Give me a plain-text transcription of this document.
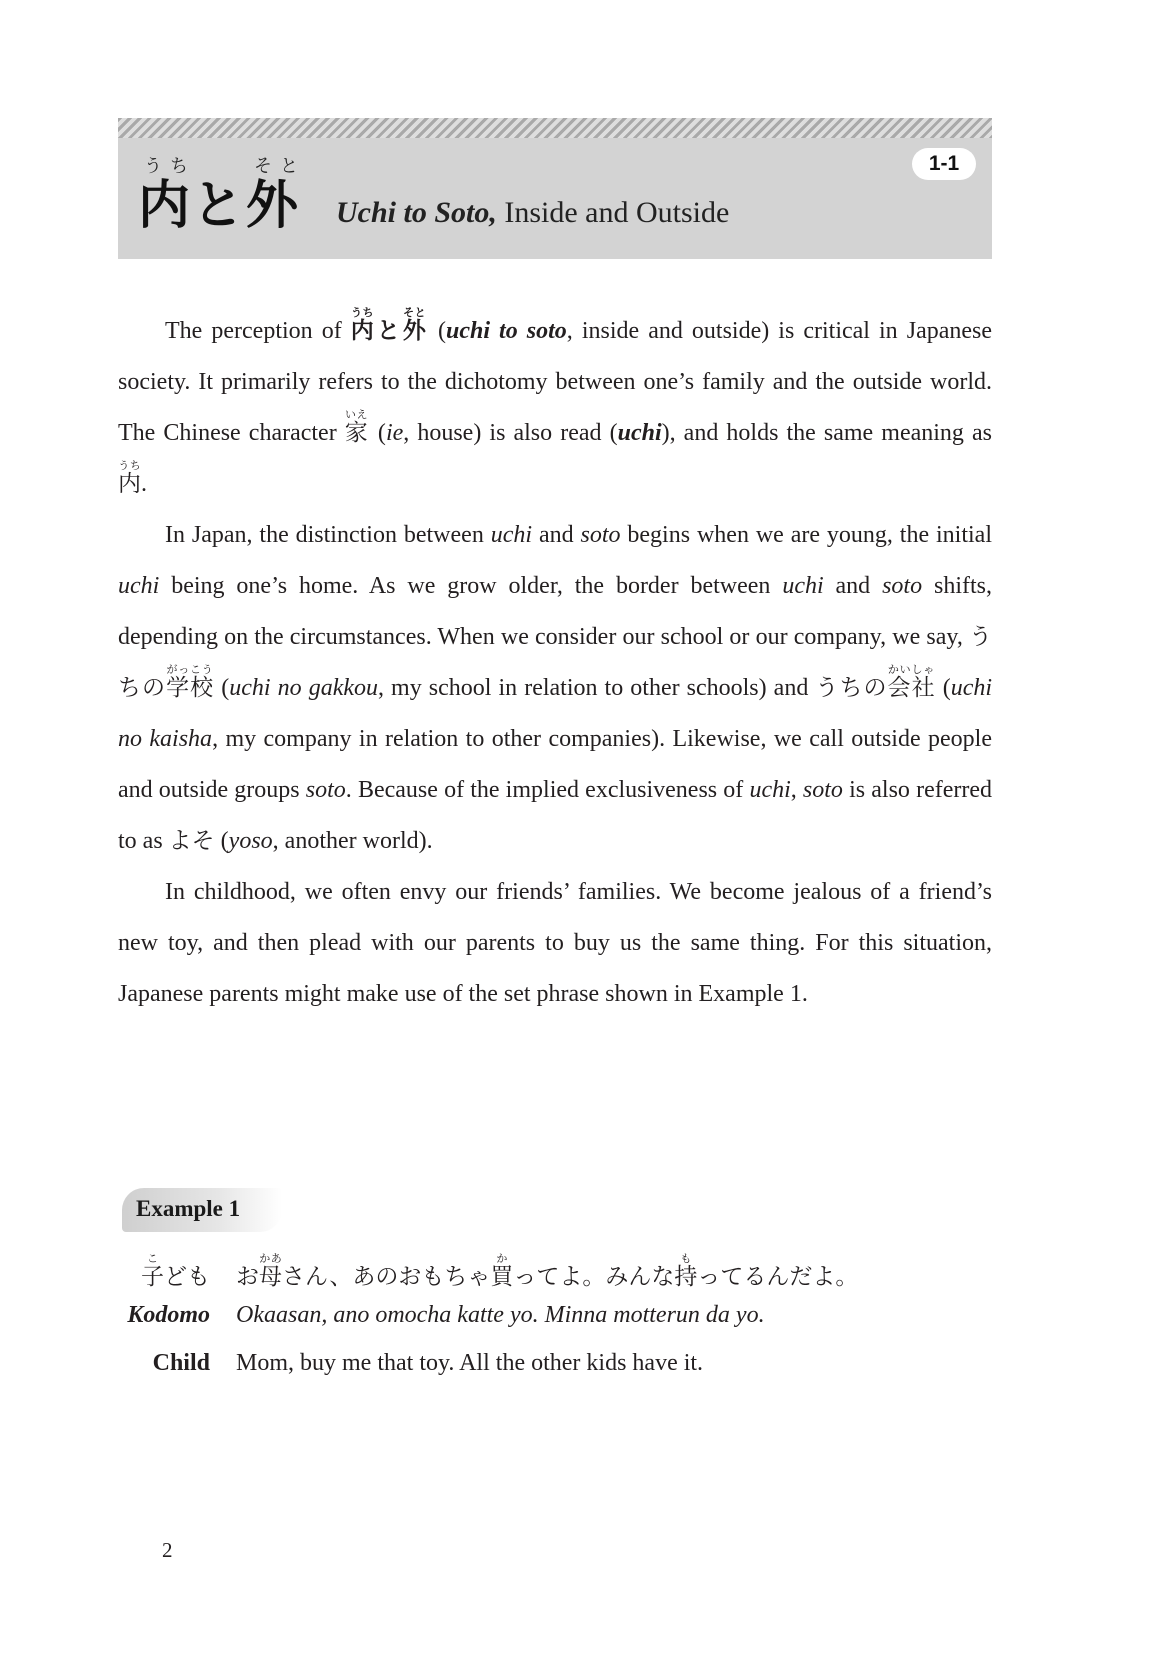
うち	そと
内と外 Uchi to Soto, Inside and Outside
1-1

The perception of 内うちと外そと (uchi to soto, inside and outside) is critical in Japanese society. It primarily refers to the dichotomy between one’s family and the outside world. The Chinese character 家いえ (ie, house) is also read (uchi), and holds the same meaning as 内うち.

In Japan, the distinction between uchi and soto begins when we are young, the initial uchi being one’s home. As we grow older, the border between uchi and soto shifts, depending on the circumstances. When we consider our school or our company, we say, うちの学校がっこう (uchi no gakkou, my school in relation to other schools) and うちの会社かいしゃ (uchi no kaisha, my company in relation to other companies). Likewise, we call outside people and outside groups soto. Because of the implied exclusiveness of uchi, soto is also referred to as よそ (yoso, another world).

In childhood, we often envy our friends’ families. We become jealous of a friend’s new toy, and then plead with our parents to buy us the same thing. For this situation, Japanese parents might make use of the set phrase shown in Example 1.

Example 1
子こども お母かあさん、あのおもちゃ買かってよ。みんな持もってるんだよ。
Kodomo Okaasan, ano omocha katte yo. Minna motterun da yo.
Child Mom, buy me that toy. All the other kids have it.
2
